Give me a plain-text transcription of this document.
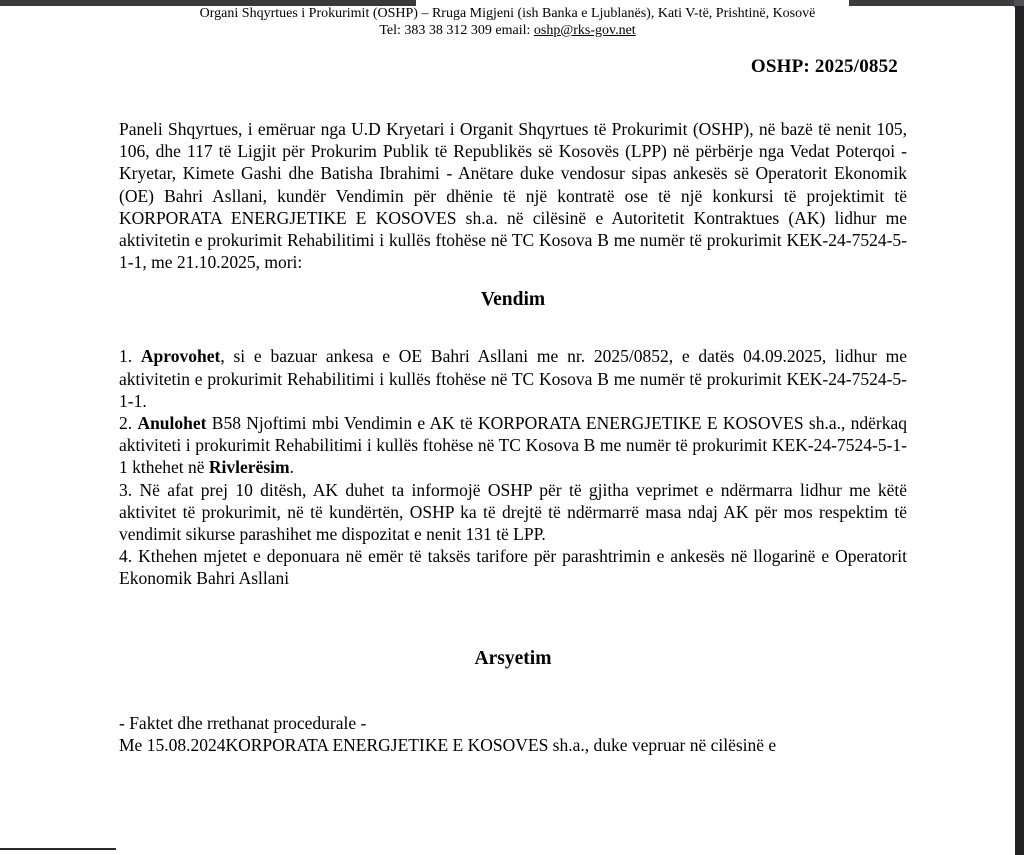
Organi Shqyrtues i Prokurimit (OSHP) – Rruga Migjeni (ish Banka e Ljublanës), Kati V-të, Prishtinë, Kosovë
Tel: 383 38 312 309 email: oshp@rks-gov.net
OSHP: 2025/0852

Paneli Shqyrtues, i emëruar nga U.D Kryetari i Organit Shqyrtues të Prokurimit (OSHP), në bazë të nenit 105, 106, dhe 117 të Ligjit për Prokurim Publik të Republikës së Kosovës (LPP) në përbërje nga Vedat Poterqoi - Kryetar, Kimete Gashi dhe Batisha Ibrahimi - Anëtare duke vendosur sipas ankesës së Operatorit Ekonomik (OE) Bahri Asllani, kundër Vendimin për dhënie të një kontratë ose të një konkursi të projektimit të KORPORATA ENERGJETIKE E KOSOVES sh.a. në cilësinë e Autoritetit Kontraktues (AK) lidhur me aktivitetin e prokurimit Rehabilitimi i kullës ftohëse në TC Kosova B me numër të prokurimit KEK-24-7524-5-1-1, me 21.10.2025, mori:

Vendim

1. Aprovohet, si e bazuar ankesa e OE Bahri Asllani me nr. 2025/0852, e datës 04.09.2025, lidhur me aktivitetin e prokurimit Rehabilitimi i kullës ftohëse në TC Kosova B me numër të prokurimit KEK-24-7524-5-1-1.

2. Anulohet B58 Njoftimi mbi Vendimin e AK të KORPORATA ENERGJETIKE E KOSOVES sh.a., ndërkaq aktiviteti i prokurimit Rehabilitimi i kullës ftohëse në TC Kosova B me numër të prokurimit KEK-24-7524-5-1-1 kthehet në Rivlerësim.

3. Në afat prej 10 ditësh, AK duhet ta informojë OSHP për të gjitha veprimet e ndërmarra lidhur me këtë aktivitet të prokurimit, në të kundërtën, OSHP ka të drejtë të ndërmarrë masa ndaj AK për mos respektim të vendimit sikurse parashihet me dispozitat e nenit 131 të LPP.

4. Kthehen mjetet e deponuara në emër të taksës tarifore për parashtrimin e ankesës në llogarinë e Operatorit Ekonomik Bahri Asllani

Arsyetim

- Faktet dhe rrethanat procedurale -

Me 15.08.2024KORPORATA ENERGJETIKE E KOSOVES sh.a., duke vepruar në cilësinë e
